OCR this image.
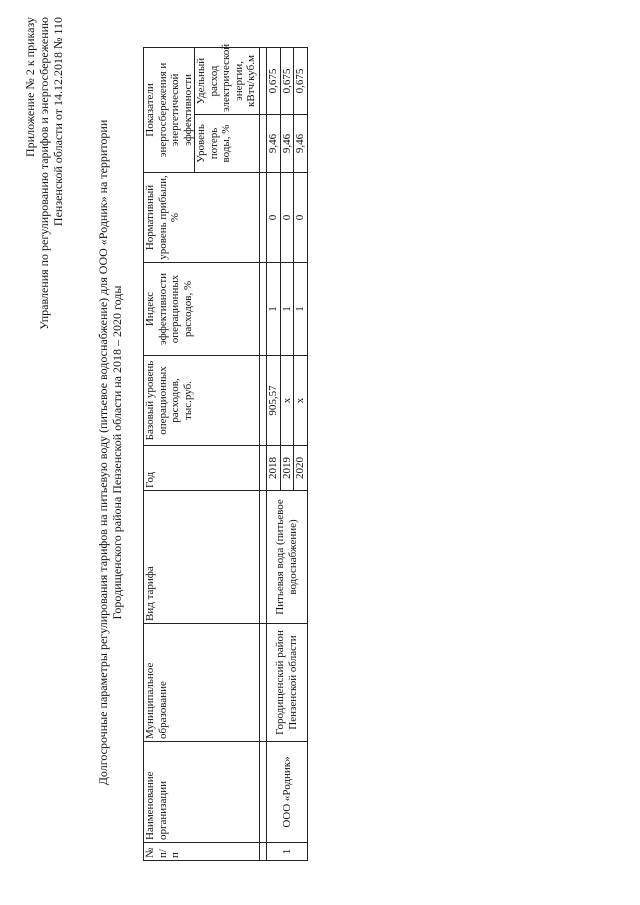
Приложение № 2 к приказу Управления по регулированию тарифов и энергосбережению Пензенской области от 14.12.2018 № 110	Долгосрочные параметры регулирования тарифов на питьевую воду (питьевое водоснабжение) для ООО «Родник» на территории Городищенского района Пензенской области на 2018 – 2020 годы
№ п/п	Наименование организации	Муниципальное образование	Вид тарифа	Год	Базовый уровень операционных расходов, тыс.руб.	Индекс эффективности операционных расходов, %	Нормативный уровень прибыли, %	Показатели энергосбережения и энергетической эффективности	
								Уровень потерь воды, %	Удельный расход электрической энергии, кВтч/куб.м

1	ООО «Родник»	Городищенский район Пензенской области	Питьевая вода (питьевое водоснабжение)	2018	905,57	1	0	9,46	0,675
				2019	x	1	0	9,46	0,675
				2020	x	1	0	9,46	0,675
